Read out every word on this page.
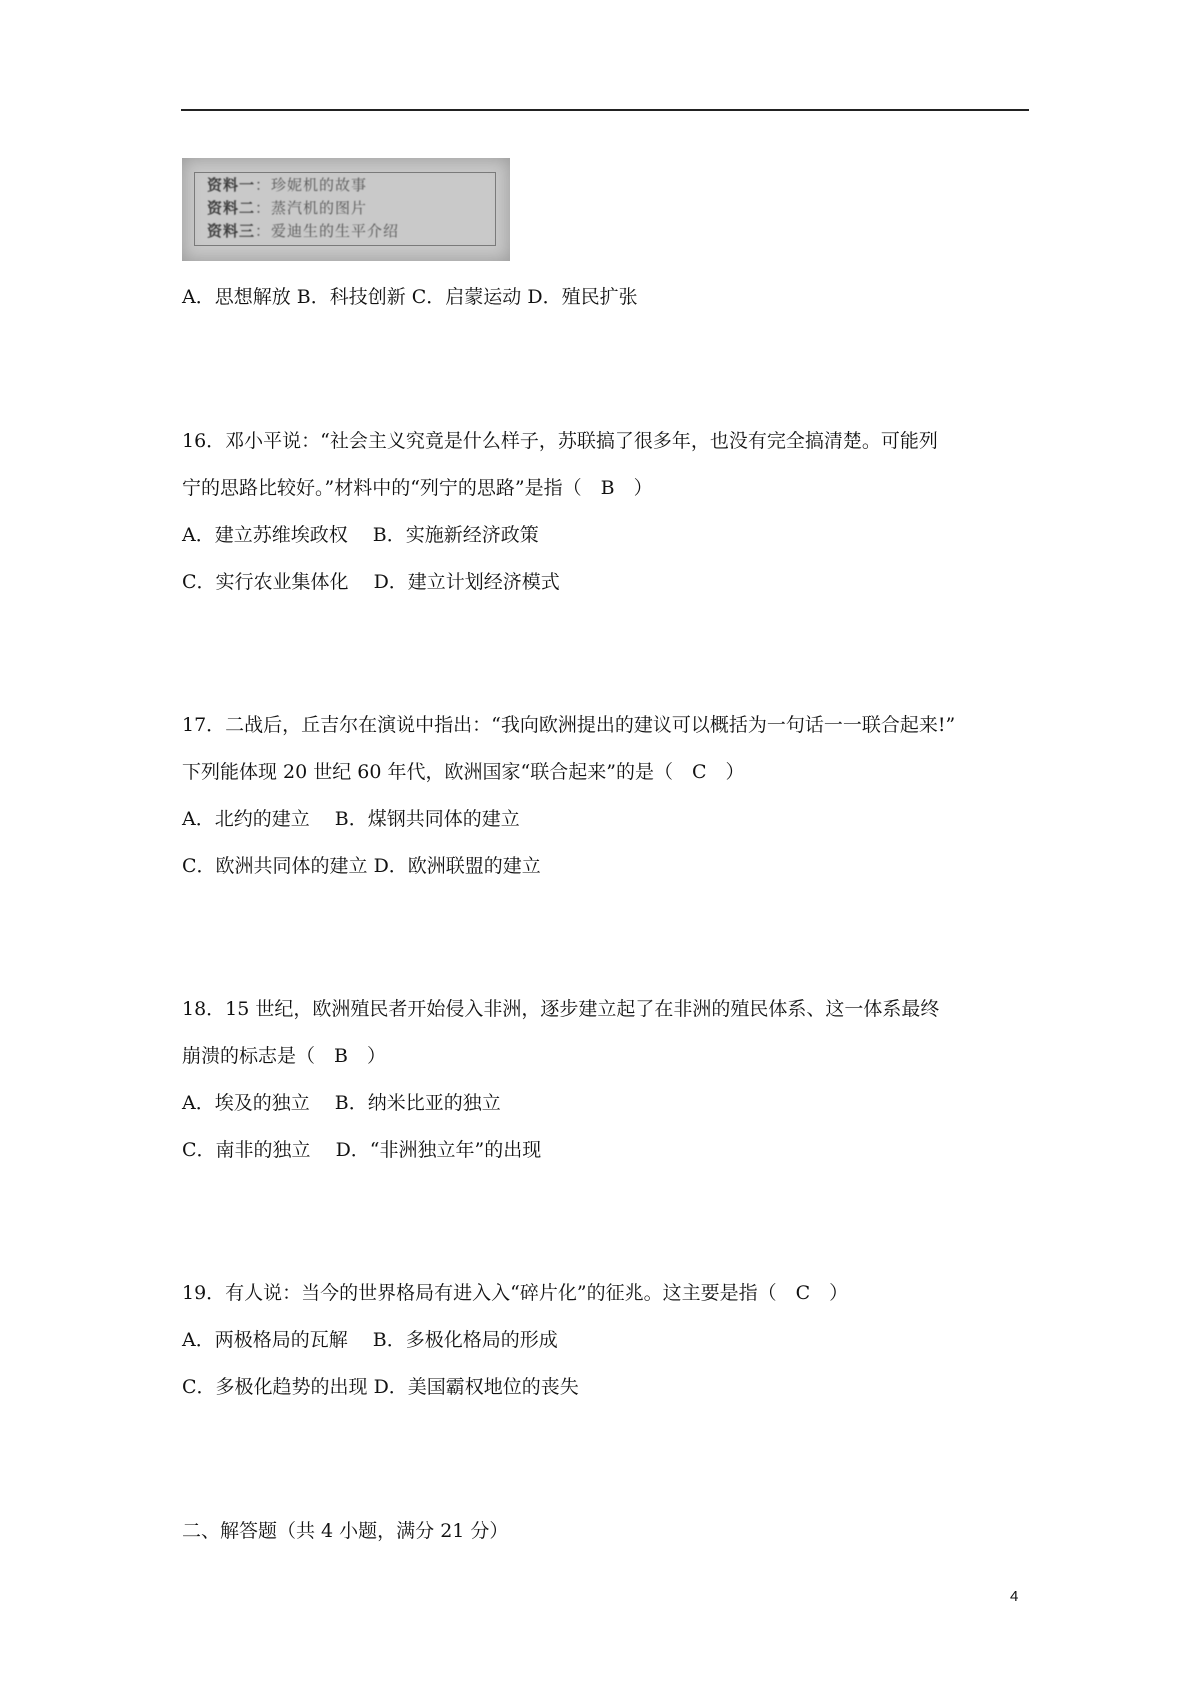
资料一：珍妮机的故事
资料二：蒸汽机的图片
资料三：爱迪生的生平介绍
A．思想解放 B．科技创新 C．启蒙运动 D．殖民扩张
16．邓小平说：“社会主义究竟是什么样子，苏联搞了很多年，也没有完全搞清楚。可能列
宁的思路比较好。”材料中的“列宁的思路”是指（　B　）
A．建立苏维埃政权　 B．实施新经济政策
C．实行农业集体化　 D．建立计划经济模式
17．二战后，丘吉尔在演说中指出：“我向欧洲提出的建议可以概括为一句话一一联合起来!”
下列能体现 20 世纪 60 年代，欧洲国家“联合起来”的是（　C　）
A．北约的建立　 B．煤钢共同体的建立
C．欧洲共同体的建立 D．欧洲联盟的建立
18．15 世纪，欧洲殖民者开始侵入非洲，逐步建立起了在非洲的殖民体系、这一体系最终
崩溃的标志是（　B　）
A．埃及的独立　 B．纳米比亚的独立
C．南非的独立　 D．“非洲独立年”的出现
19．有人说：当今的世界格局有进入入“碎片化”的征兆。这主要是指（　C　）
A．两极格局的瓦解　 B．多极化格局的形成
C．多极化趋势的出现 D．美国霸权地位的丧失
二、解答题（共 4 小题，满分 21 分）
4
